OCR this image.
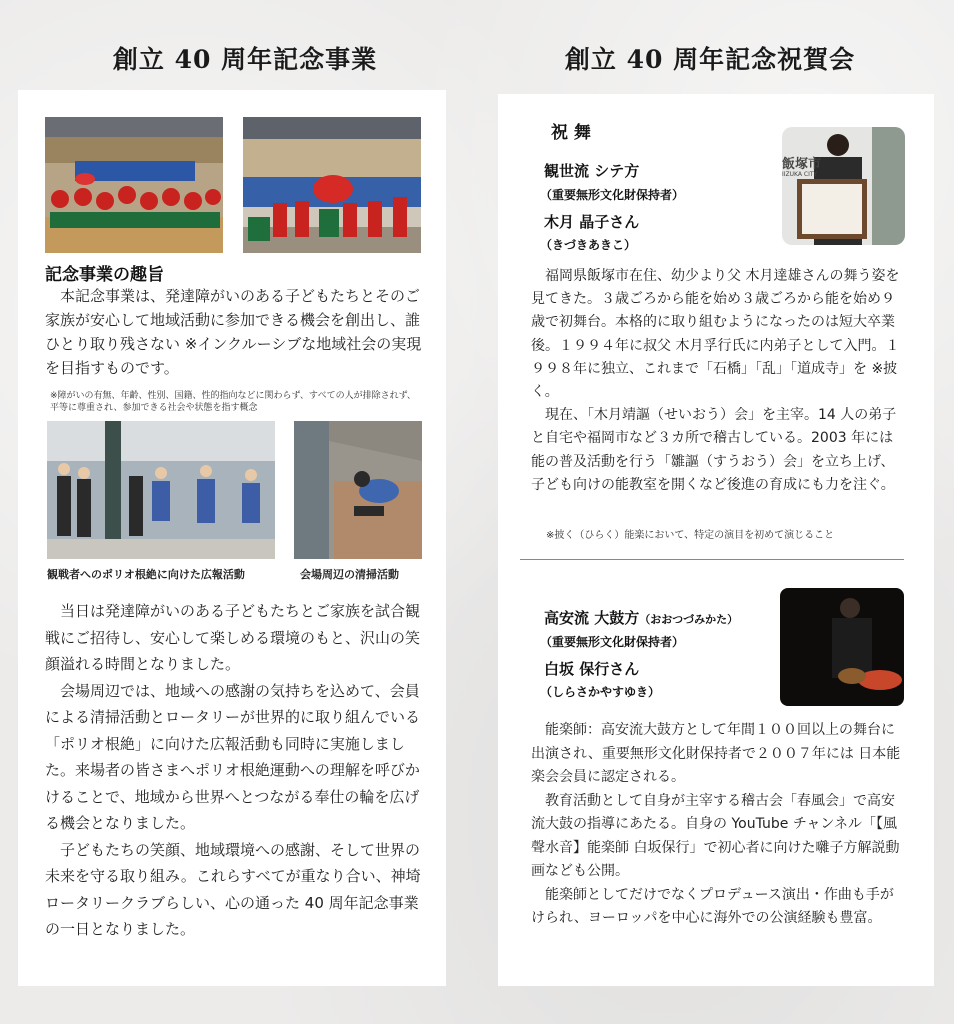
創立 40 周年記念事業	創立 40 周年記念祝賀会
記念事業の趣旨

本記念事業は、発達障がいのある子どもたちとそのご家族が安心して地域活動に参加できる機会を創出し、誰ひとり取り残さない ※インクルーシブな地域社会の実現を目指すものです。

※障がいの有無、年齢、性別、国籍、性的指向などに関わらず、すべての人が排除されず、平等に尊重され、参加できる社会や状態を指す概念
観戦者へのポリオ根絶に向けた広報活動	会場周辺の清掃活動

当日は発達障がいのある子どもたちとご家族を試合観戦にご招待し、安心して楽しめる環境のもと、沢山の笑顔溢れる時間となりました。

会場周辺では、地域への感謝の気持ちを込めて、会員による清掃活動とロータリーが世界的に取り組んでいる「ポリオ根絶」に向けた広報活動も同時に実施しました。来場者の皆さまへポリオ根絶運動への理解を呼びかけることで、地域から世界へとつながる奉仕の輪を広げる機会となりました。

子どもたちの笑顔、地域環境への感謝、そして世界の未来を守る取り組み。これらすべてが重なり合い、神埼ロータリークラブらしい、心の通った 40 周年記念事業の一日となりました。

祝 舞
観世流 シテ方
（重要無形文化財保持者）
木月 晶子さん
（きづきあきこ）
飯塚市
IIZUKA CITY

福岡県飯塚市在住、幼少より父 木月達雄さんの舞う姿を見てきた。３歳ごろから能を始め３歳ごろから能を始め９歳で初舞台。本格的に取り組むようになったのは短大卒業後。１９９４年に叔父 木月孚行氏に内弟子として入門。１９９８年に独立、これまで「石橋」「乱」「道成寺」を ※披く。

現在、「木月靖謳（せいおう）会」を主宰。14 人の弟子と自宅や福岡市など３カ所で稽古している。2003 年には能の普及活動を行う「雛謳（すうおう）会」を立ち上げ、子ども向けの能教室を開くなど後進の育成にも力を注ぐ。

※披く（ひらく）能楽において、特定の演目を初めて演じること
高安流 大鼓方（おおつづみかた）
（重要無形文化財保持者）
白坂 保行さん
（しらさかやすゆき）

能楽師：高安流大鼓方として年間１００回以上の舞台に出演され、重要無形文化財保持者で２００７年には 日本能楽会会員に認定される。

教育活動として自身が主宰する稽古会「春風会」で高安流大鼓の指導にあたる。自身の YouTube チャンネル「【風聲水音】能楽師 白坂保行」で初心者に向けた囃子方解説動画なども公開。

能楽師としてだけでなくプロデュース演出・作曲も手がけられ、ヨーロッパを中心に海外での公演経験も豊富。
